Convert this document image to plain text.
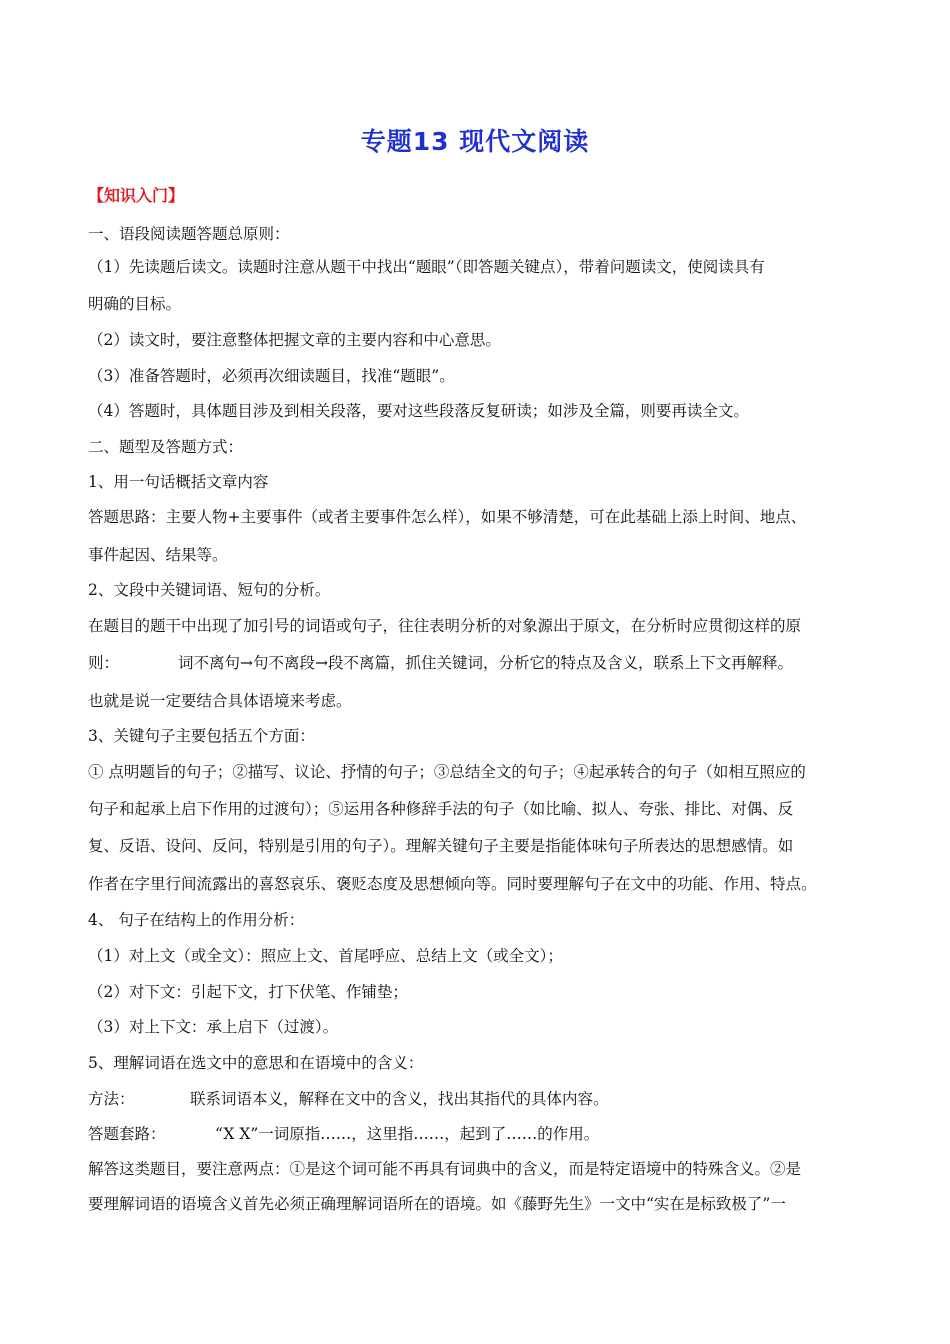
专题13 现代文阅读
【知识入门】
一、语段阅读题答题总原则：
（1）先读题后读文。读题时注意从题干中找出“题眼”（即答题关键点），带着问题读文，使阅读具有
明确的目标。
（2）读文时，要注意整体把握文章的主要内容和中心意思。
（3）准备答题时，必须再次细读题目，找准“题眼”。
（4）答题时，具体题目涉及到相关段落，要对这些段落反复研读；如涉及全篇，则要再读全文。
二、题型及答题方式：
1、用一句话概括文章内容
答题思路：主要人物+主要事件（或者主要事件怎么样），如果不够清楚，可在此基础上添上时间、地点、
事件起因、结果等。
2、文段中关键词语、短句的分析。
在题目的题干中出现了加引号的词语或句子，往往表明分析的对象源出于原文，在分析时应贯彻这样的原
则：	词不离句→句不离段→段不离篇，抓住关键词，分析它的特点及含义，联系上下文再解释。
也就是说一定要结合具体语境来考虑。
3、关键句子主要包括五个方面：
① 点明题旨的句子；②描写、议论、抒情的句子；③总结全文的句子；④起承转合的句子（如相互照应的
句子和起承上启下作用的过渡句）；⑤运用各种修辞手法的句子（如比喻、拟人、夸张、排比、对偶、反
复、反语、设问、反问，特别是引用的句子）。理解关键句子主要是指能体味句子所表达的思想感情。如
作者在字里行间流露出的喜怒哀乐、褒贬态度及思想倾向等。同时要理解句子在文中的功能、作用、特点。
4、 句子在结构上的作用分析：
（1）对上文（或全文）：照应上文、首尾呼应、总结上文（或全文）；
（2）对下文：引起下文，打下伏笔、作铺垫；
（3）对上下文：承上启下（过渡）。
5、理解词语在选文中的意思和在语境中的含义：
方法：	联系词语本义，解释在文中的含义，找出其指代的具体内容。
答题套路：	“X X”一词原指……，这里指……，起到了……的作用。
解答这类题目，要注意两点：①是这个词可能不再具有词典中的含义，而是特定语境中的特殊含义。②是
要理解词语的语境含义首先必须正确理解词语所在的语境。如《藤野先生》一文中“实在是标致极了”一
